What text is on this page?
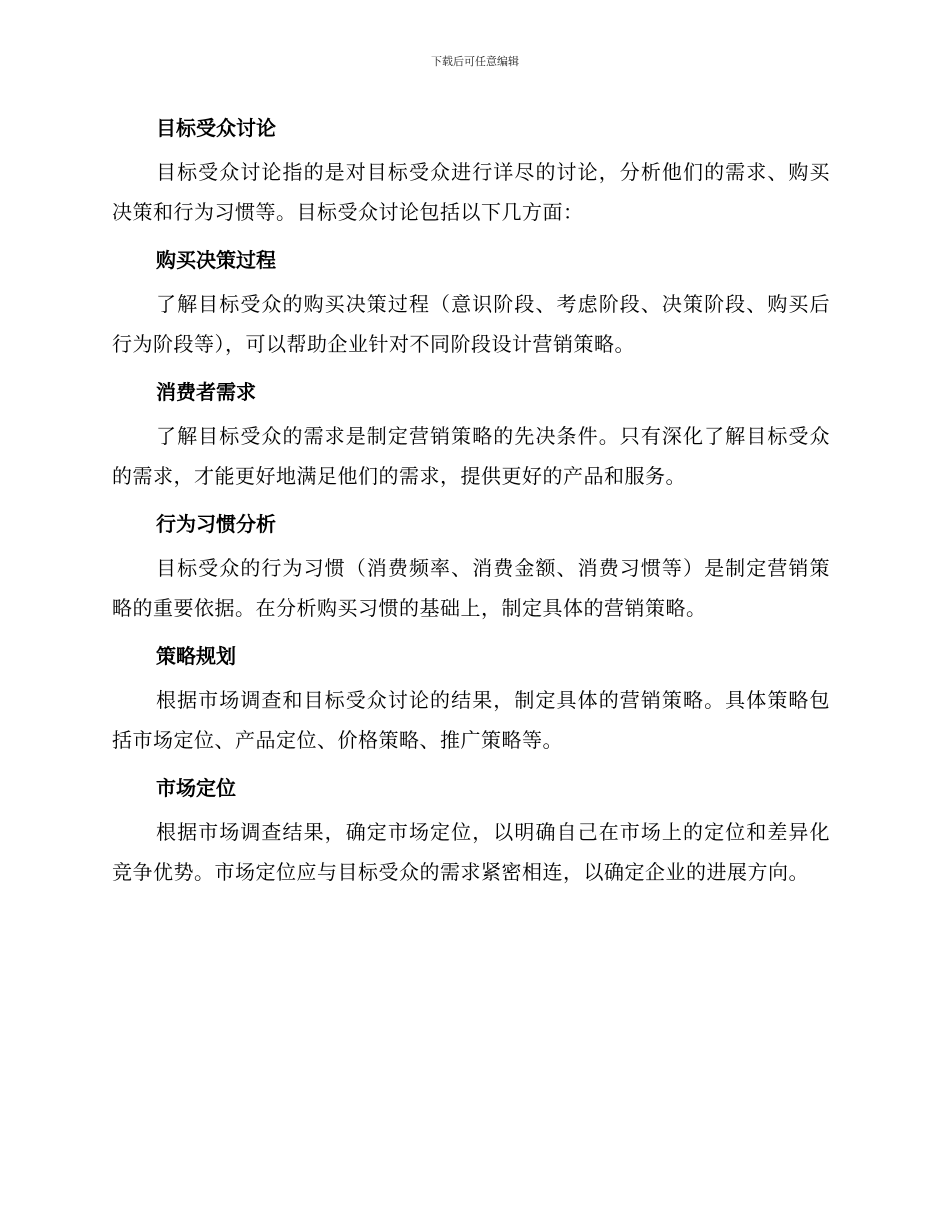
下载后可任意编辑
目标受众讨论

目标受众讨论指的是对目标受众进行详尽的讨论，分析他们的需求、购买决策和行为习惯等。目标受众讨论包括以下几方面：

购买决策过程

了解目标受众的购买决策过程（意识阶段、考虑阶段、决策阶段、购买后行为阶段等），可以帮助企业针对不同阶段设计营销策略。

消费者需求

了解目标受众的需求是制定营销策略的先决条件。只有深化了解目标受众的需求，才能更好地满足他们的需求，提供更好的产品和服务。

行为习惯分析

目标受众的行为习惯（消费频率、消费金额、消费习惯等）是制定营销策略的重要依据。在分析购买习惯的基础上，制定具体的营销策略。

策略规划

根据市场调查和目标受众讨论的结果，制定具体的营销策略。具体策略包括市场定位、产品定位、价格策略、推广策略等。

市场定位

根据市场调查结果，确定市场定位，以明确自己在市场上的定位和差异化竞争优势。市场定位应与目标受众的需求紧密相连，以确定企业的进展方向。
